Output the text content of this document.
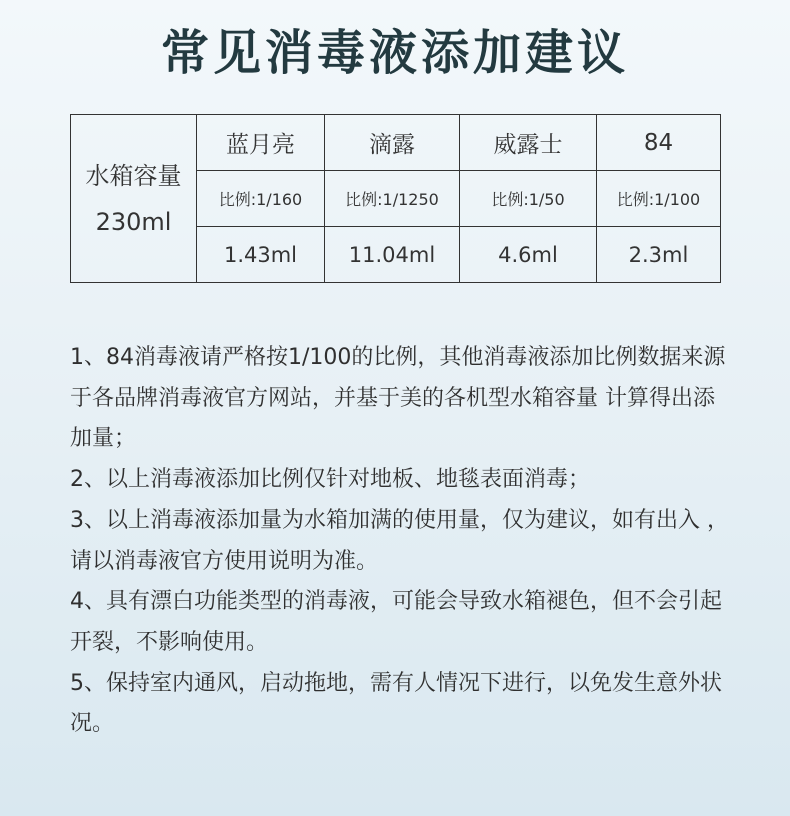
常见消毒液添加建议
水箱容量
230ml	蓝月亮	滴露	威露士	84
	比例:1/160	比例:1/1250	比例:1/50	比例:1/100
	1.43ml	11.04ml	4.6ml	2.3ml

1、84消毒液请严格按1/100的比例，其他消毒液添加比例数据来源于各品牌消毒液官方网站，并基于美的各机型水箱容量 计算得出添加量；

2、以上消毒液添加比例仅针对地板、地毯表面消毒；

3、以上消毒液添加量为水箱加满的使用量，仅为建议，如有出入 ，请以消毒液官方使用说明为准。

4、具有漂白功能类型的消毒液，可能会导致水箱褪色，但不会引起开裂，不影响使用。

5、保持室内通风，启动拖地，需有人情况下进行，以免发生意外状况。
